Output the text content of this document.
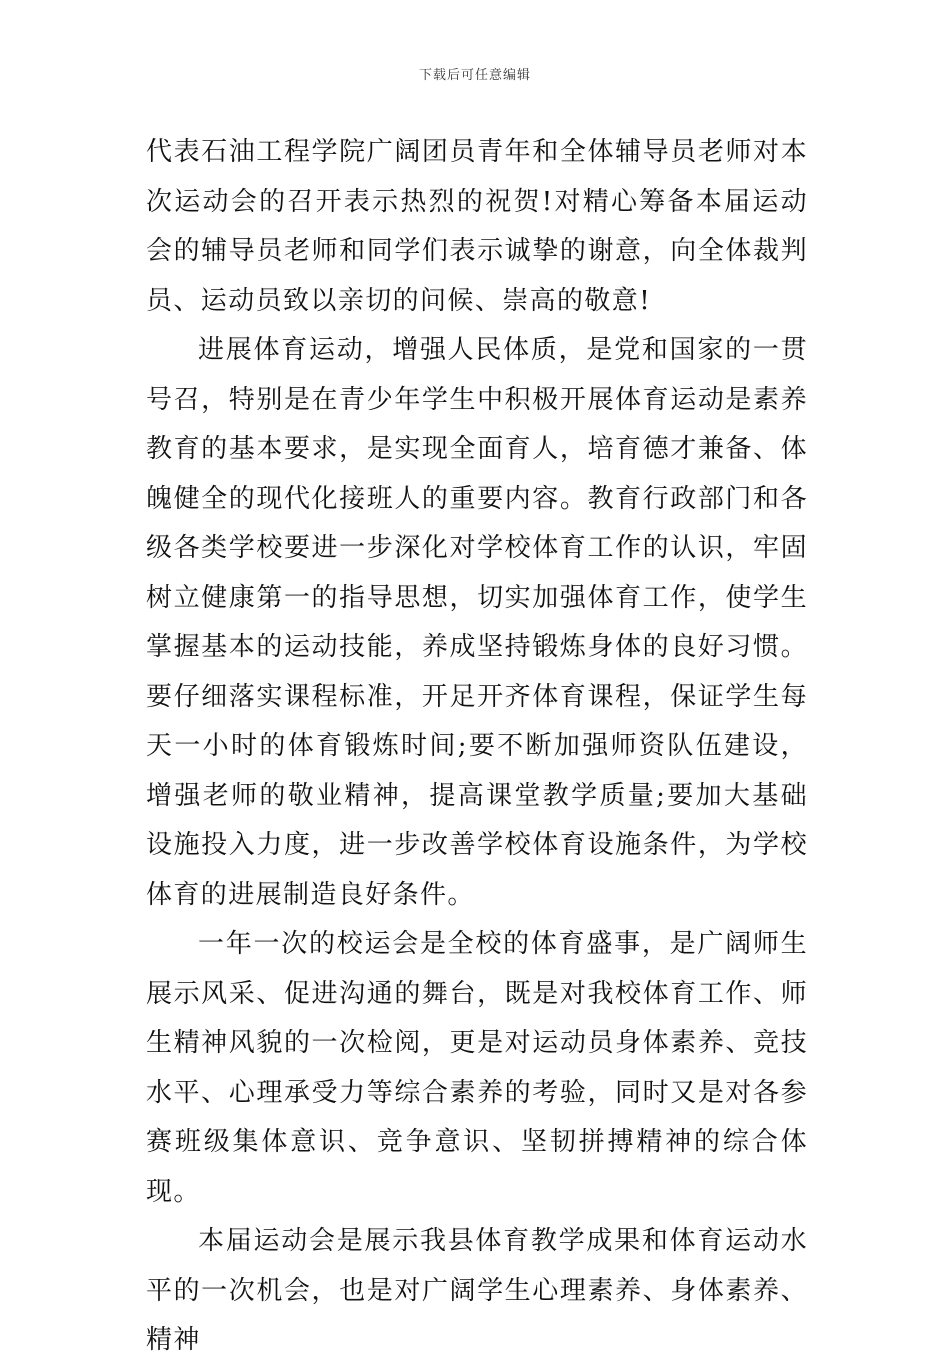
下载后可任意编辑

代表石油工程学院广阔团员青年和全体辅导员老师对本次运动会的召开表示热烈的祝贺!对精心筹备本届运动会的辅导员老师和同学们表示诚挚的谢意，向全体裁判员、运动员致以亲切的问候、崇高的敬意!

进展体育运动，增强人民体质，是党和国家的一贯号召，特别是在青少年学生中积极开展体育运动是素养教育的基本要求，是实现全面育人，培育德才兼备、体魄健全的现代化接班人的重要内容。教育行政部门和各级各类学校要进一步深化对学校体育工作的认识，牢固树立健康第一的指导思想，切实加强体育工作，使学生掌握基本的运动技能，养成坚持锻炼身体的良好习惯。要仔细落实课程标准，开足开齐体育课程，保证学生每天一小时的体育锻炼时间;要不断加强师资队伍建设，增强老师的敬业精神，提高课堂教学质量;要加大基础设施投入力度，进一步改善学校体育设施条件，为学校体育的进展制造良好条件。

一年一次的校运会是全校的体育盛事，是广阔师生展示风采、促进沟通的舞台，既是对我校体育工作、师生精神风貌的一次检阅，更是对运动员身体素养、竞技水平、心理承受力等综合素养的考验，同时又是对各参赛班级集体意识、竞争意识、坚韧拼搏精神的综合体现。

本届运动会是展示我县体育教学成果和体育运动水平的一次机会，也是对广阔学生心理素养、身体素养、精神
